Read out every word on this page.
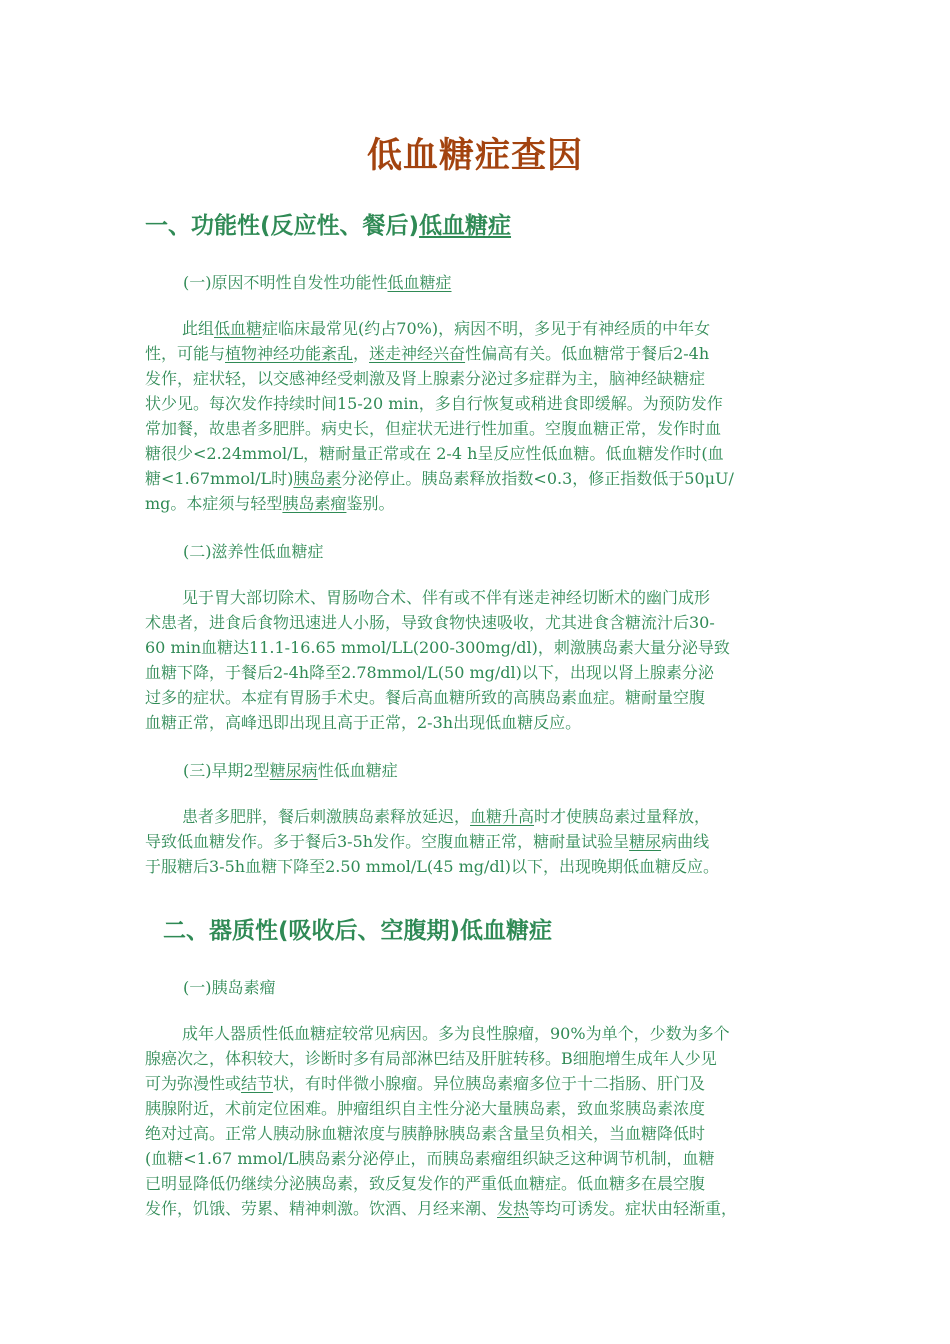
低血糖症查因
一、功能性(反应性、餐后)低血糖症
(一)原因不明性自发性功能性低血糖症
此组低血糖症临床最常见(约占70%)，病因不明，多见于有神经质的中年女
性，可能与植物神经功能紊乱，迷走神经兴奋性偏高有关。低血糖常于餐后2-4h
发作，症状轻，以交感神经受刺激及肾上腺素分泌过多症群为主，脑神经缺糖症
状少见。每次发作持续时间15-20 min，多自行恢复或稍进食即缓解。为预防发作
常加餐，故患者多肥胖。病史长，但症状无进行性加重。空腹血糖正常，发作时血
糖很少<2.24mmol/L，糖耐量正常或在 2-4 h呈反应性低血糖。低血糖发作时(血
糖<1.67mmol/L时)胰岛素分泌停止。胰岛素释放指数<0.3，修正指数低于50μU/
mg。本症须与轻型胰岛素瘤鉴别。
(二)滋养性低血糖症
见于胃大部切除术、胃肠吻合术、伴有或不伴有迷走神经切断术的幽门成形
术患者，进食后食物迅速进人小肠，导致食物快速吸收，尤其进食含糖流汁后30-
60 min血糖达11.1-16.65 mmol/LL(200-300mg/dl)，刺激胰岛素大量分泌导致
血糖下降，于餐后2-4h降至2.78mmol/L(50 mg/dl)以下，出现以肾上腺素分泌
过多的症状。本症有胃肠手术史。餐后高血糖所致的高胰岛素血症。糖耐量空腹
血糖正常，高峰迅即出现且高于正常，2-3h出现低血糖反应。
(三)早期2型糖尿病性低血糖症
患者多肥胖，餐后刺激胰岛素释放延迟，血糖升高时才使胰岛素过量释放，
导致低血糖发作。多于餐后3-5h发作。空腹血糖正常，糖耐量试验呈糖尿病曲线
于服糖后3-5h血糖下降至2.50 mmol/L(45 mg/dl)以下，出现晚期低血糖反应。
二、器质性(吸收后、空腹期)低血糖症
(一)胰岛素瘤
成年人器质性低血糖症较常见病因。多为良性腺瘤，90%为单个，少数为多个
腺癌次之，体积较大，诊断时多有局部淋巴结及肝脏转移。B细胞增生成年人少见
可为弥漫性或结节状，有时伴微小腺瘤。异位胰岛素瘤多位于十二指肠、肝门及
胰腺附近，术前定位困难。肿瘤组织自主性分泌大量胰岛素，致血浆胰岛素浓度
绝对过高。正常人胰动脉血糖浓度与胰静脉胰岛素含量呈负相关，当血糖降低时
(血糖<1.67 mmol/L胰岛素分泌停止，而胰岛素瘤组织缺乏这种调节机制，血糖
已明显降低仍继续分泌胰岛素，致反复发作的严重低血糖症。低血糖多在晨空腹
发作，饥饿、劳累、精神刺激。饮酒、月经来潮、发热等均可诱发。症状由轻渐重，
